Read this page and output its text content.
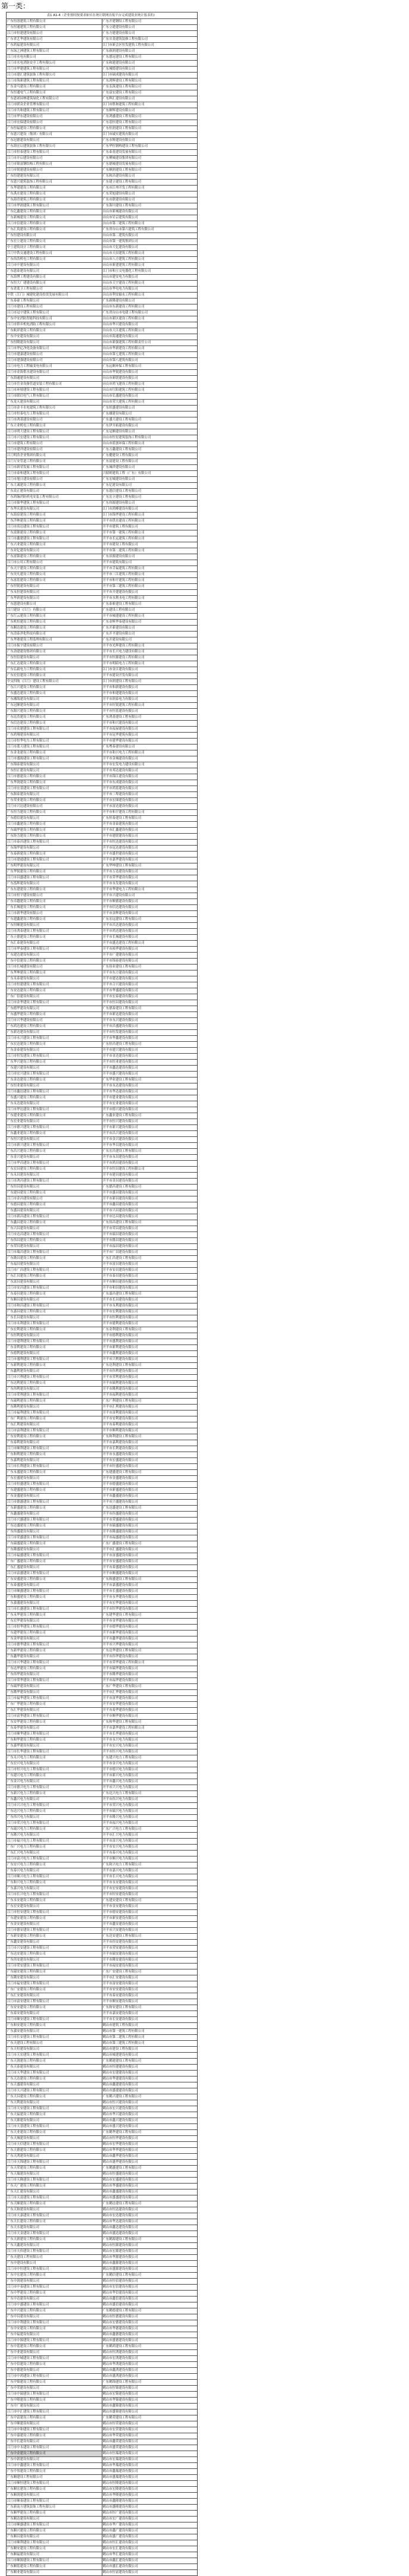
第一类：
表1 A1-4（企业按时按要求如实在统计联网直报平台完成建筑业统计报表的）	
广东恒溶建筑工程有限公司	广东开建钢结工程有限公司
广东恒通建筑工程有限公司	广东立建建设有限公司
江门市恒建建设有限公司	广东方建建设有限公司
广东省艺华建筑有限公司	广东实基建筑装修工程有限公司
广东鸿福建设有限公司	江门市新会区恒发建筑工程有限公司
广东绿之洲建筑工程有限公司	广东新润建设有限公司
江门市水电有限公司	广东恩冠建设工程有限公司
江门市水电消防安全工程有限公司	广东和建建设有限公司
江门市华建建筑工程有限公司	广东城德建设有限公司
江门市建汇建筑装饰工程有限公司	江门市硕成建设有限公司
江门市海新建筑工程有限公司	广东鸿辉建设工程有限公司
广东金马建设工程有限公司	广东弘筑建设工程有限公司
广东恒通电气工程有限公司	广东富宏建设工程有限公司
广东恩诺园林建筑绿化工程有限公司	广东辉汇建设有限公司
江门市联众企业管理有限公司	江门市胜和建筑工程有限公司
江门市共和建筑工程有限公司	广东顺辉建设有限公司
江门市华东建设有限公司	广东鸿盛建设工程有限公司
江门市宏保建设有限公司	广东基恒建设工程有限公司
广东恒福建设工程有限公司	广东恒润建设工程有限公司
广东恩兴建设（集团）有限公司	江门市诚实建筑有限公司
广东冠德建设有限公司	广东永辉建设有限公司
广东海宏启建筑装饰工程有限公司	广东华恒钢构建设工程有限公司
江门市恒泰建设工程有限公司	广东泰基建设发展有限公司
江门市开启建设有限公司	广东聚城建设集团有限公司
江门市锦富钢结构工程有限公司	广东德城建设发展有限公司
江门市锐建建设有限公司	广东顺润建设工程有限公司
广东恒建建设有限公司	广东和昌建设有限公司
广东恩兴建筑装饰工程有限公司	广东建立建设工程有限公司
广东华建建设工程有限公司	广东市江州开发工程有限公司
广东禹水建设工程有限公司	广东荣旭建设有限公司
广东海青建筑工程有限公司	广东市联建设有限公司
江门市华润建筑工程有限公司	广东海川建设工程有限公司
广东亿鑫建设工程有限公司	台山市新城建设有限公司
广东新城建设工程有限公司	台山市岩京建筑有限公司
江门市信建设工程有限公司	台山市第三建筑工程有限公司
广东汇筑建设工程有限公司	广东省台山市第六建筑工程有限公司
广东恒建设有限公司	台山市第二建筑有限公司
广东宏立建设工程有限公司	台山市第一建筑集团公司
中土建筑设计工程有限公司	台山市大亿建设有限公司
江门中铁交通建设工程有限公司	台山市天田建筑工程有限公司
广东伟浩机电工程有限公司	台山市八方建筑工程有限公司
江门市中建设有限公司	台山市新建建筑工程有限公司
广东恩泰建设有限公司	江门市和立交电器化工程有限公司
广东海博工程建设有限公司	台山市建安电力有限公司
广东恒大广建建设有限公司	台山市天宇建设工程有限公司
广东省蓝卫工程有限公司	台山市华电电力有限公司
中铁（江门）城建化建设投资发展有限公司	台山市利安输水工程有限公司
广东泰豪工程有限公司	广东新隆建设有限公司
江门市建设工程有限公司	台山市东新建设工程有限公司
江门市冠宇建筑工程有限公司	广东省台山市电建工程有限公司
广东中安消防智能科技有限公司	台山市新区建设工程有限公司
江门市侨乡机电消防工程有限公司	台山市华兴建设有限公司
广东航祥建设工程有限公司	台山市大江建筑工程有限公司
广东中安建设有限公司	台山市海通建设有限公司
广东恒隆建设有限公司	台山市新强建筑工程有限责任公司
江门市华亿净化设备有限公司	台山市华新建设工程有限公司
江门市建嘉建设有限公司	台山市第七建筑工程有限公司
江门市建强建设有限公司	台山市第八建筑有限公司
江门市电力工程输变电有限公司	广东远顺环保工程有限公司
江门市金海供水建设有限公司	台山市华锐建设有限公司
广东海通建设有限公司	台山市新联建设有限公司
江门市岳金设备管道安装工程有限公司	台山市鸿飞建设工程有限公司
江门市环境建设工程有限公司	台山市红阳建筑工程有限公司
江门市联信电气工程有限公司	台山市弘盛建设有限公司
广东龙天建设有限公司	台山市荣大建筑工程有限公司
江门市金丰水电建筑工程有限公司	广东恒盛建设有限公司
江门市恒泰电力工程有限公司	广东雄建设有限公司
江门市鸿基建设有限公司	广东盛大建设工程有限公司
广东立业机电工程有限公司	广东伊开拓建设有限公司
江门市明大建设工程有限公司	广东冠顺建设有限公司
江门市兴宏建设工程有限公司	台山市恒星建筑装饰工程有限公司
江门市建筑工程有限公司	台山市蓝创环保工程有限公司
江门市建祥建设有限公司	广东万鑫建设工程有限公司
江门明浩企业集团有限公司	广东健建设工程有限公司
江门万安管道工程有限公司	广东富建设工程有限公司
江门市新荣发展工程有限公司	广东城祥建设有限公司
江门市泰和建筑工程有限公司	兴昭则建筑工程（广东）有限公司
江门市旭日建设有限公司	广东宏城建设有限公司
广东大诚建设工程有限公司	广东亿建设有限公司
广东众正建设有限公司	广东恩信建设工程有限公司
广东鸿翰消防机电安装工程有限公司	广东宏立建设工程有限公司
江门市锦华建筑工程有限公司	广东伟源建设有限公司
广东华庆建设有限公司	江门市鸿峰建设有限公司
广东海泉建设工程有限公司	江门市锦华建设工程有限公司
广东洋林建设工程有限公司	开平市供水建设工程有限公司
江门市高达建设工程有限公司	开平市建筑工程有限公司
广东富源建设工程有限公司	开平市第一建筑工程有限公司
江门市鑫建建设工程有限公司	开平市长远建筑工程有限公司
广东兴业建设工程有限公司	开平市建设工程有限公司
广东业亿建设有限公司	开平市第二建筑工程有限公司
广东富锦建设工程有限公司	广东景源建设有限公司
江门市公用工程有限公司	开平市建筑有限公司
广东天宇建设工程有限公司	开平市幸福建筑工程有限公司
广东昊凡建设工程有限公司	开平市三江建筑工程有限公司
广东富基建设工程有限公司	开平市和平建筑工程有限公司
广东恒锐建设有限公司	开平市第三建筑工程有限公司
广东永恒建设有限公司	开平市开建建设有限公司
广东华新建设有限公司	开平市水利水电工程有限公司
广东恩建设有限公司	广东泰新建设工程有限公司
江门建设（江门）有限公司	广东建设工程有限公司
广东红云建设工程有限公司	开平市城建建设工程有限公司
广东机恒建设工程有限公司	广东金辉华泰建设有限公司
广东顺达建设工程有限公司	广东开新建设有限公司
广东清泰净化科技有限公司	广东开平建设有限公司
广东华港建设工程监理有限公司	广东开建设有限公司
江门市振宇建设有限公司	开平市光辉建设工程有限公司
广东劲建建设集团有限公司	开平市长兴电力建设有限公司
广东恒信建设有限公司	开平市恒源建设工程有限公司
广东汇达建设工程有限公司	开平市明昭电力工程有限公司
广东弘毅电力工程有限公司	江门市金江建设有限公司
广东宏信建设工程有限公司	开平市建设开发有限公司
中交四航（江门）建设工程有限公司	江门市润建设工程有限公司
广东江兴建设工程有限公司	开平市和新建设有限公司
广东盛达建设工程有限公司	开平市和建建设有限公司
广东湘海建设有限公司	开平市润泰电力有限公司
广东冠顺建设有限公司	开平市恒锐建筑工程有限公司
广东源兴建设工程有限公司	开平市恒基建设有限公司
广东昆浩建设工程有限公司	广东鸿基建设工程有限公司
广东信达建设工程有限公司	开平市和兴建设有限公司
江门市众建建设工程有限公司	开平市福禄建设有限公司
广东鸿翔建设有限公司	开平市冠华建筑有限公司
江门市恒华电力工程有限公司	开平市建华建设有限公司
江门市蓝天建设工程有限公司	广东粤泰建设有限公司
广东金龙建设工程有限公司	开平市和兴电力工程有限公司
江门市盛源建设工程有限公司	开平市金城建设有限公司
广东锦泰建设有限公司	开平市宏发电力建设有限公司
广东恒正建设有限公司	开平市邦达建设有限公司
江门市德建设工程有限公司	开平市锦江建设有限公司
广东华润建设工程有限公司	开平市东成建设有限公司
江门市宏基建设工程有限公司	开平市鸿基建设有限公司
广东源泰建设有限公司	开平市三埠建设有限公司
广东荣业建设工程有限公司	开平市宏图建设有限公司
江门市兴达建设有限公司	开平市富达建设有限公司
广东恒力建设工程有限公司	开平市和平建设工程有限公司
广东德信建设有限公司	广东恒泰建设工程有限公司
江门市鑫建设工程有限公司	开平市金泰建筑有限公司
广东瑞华建设工程有限公司	开平市汇鑫建设有限公司
广东协力建设工程有限公司	开平市建联建设有限公司
江门市泰昌建设工程有限公司	开平市恒达建设有限公司
广东锦华建设有限公司	开平市冠达建设有限公司
广东泰新建设工程有限公司	开平市盛世建设有限公司
江门市建通建设工程有限公司	开平市嘉华建设有限公司
广东明华建设有限公司	广东华坤建设工程有限公司
广东华锐建设工程有限公司	开平市万达建设有限公司
江门市昌盛建设工程有限公司	开平市荣华建设有限公司
广东泓辉建设有限公司	开平市永发建设有限公司
广东东建建设工程有限公司	开平市华建电力工程有限公司
江门市恒宇建设有限公司	开平市兴建设有限公司
广东卓越建设工程有限公司	开平市顺德建设有限公司
广东长城建设工程有限公司	开平市信达建设有限公司
江门市新华建设有限公司	开平市金辉建设有限公司
广东建鑫建设工程有限公司	广东宏远建设工程有限公司
广东恒顺建设有限公司	开平市昌达建设有限公司
江门市鸿泰建设工程有限公司	开平市鸿达建设有限公司
广东立德建设工程有限公司	开平市长城建设有限公司
广东汇泰建设有限公司	开平市盛达建设工程有限公司
江门市华泰建设工程有限公司	开平市裕华建设有限公司
广东建达建设有限公司	开平市广建建设有限公司
广东中信建设工程有限公司	开平市锦泰建设有限公司
江门市长城建设有限公司	广东伟业建设工程有限公司
广东华坤建设工程有限公司	开平市东方建设有限公司
广东永泰建设有限公司	开平市建达建设有限公司
江门市恒建建设工程有限公司	开平市合兴建设有限公司
广东安达建设工程有限公司	开平市华盛建设有限公司
广东广信建设有限公司	开平市宏泰建设有限公司
江门市金华建设工程有限公司	开平市恒昌建设有限公司
广东德华建设有限公司	广东德泰建设工程有限公司
广东盛华建设工程有限公司	开平市新达建设有限公司
江门市兴华建设有限公司	开平市永兴建设有限公司
广东鸿达建设工程有限公司	开平市昌盛建设有限公司
广东新达建设有限公司	开平市恒发建设有限公司
江门市永兴建设工程有限公司	开平市华鑫建设有限公司
广东宏达建设工程有限公司	广东恒昌建设工程有限公司
广东金泰建设有限公司	开平市建兴建设有限公司
江门市恒发建设工程有限公司	开平市金达建设有限公司
广东华兴建设工程有限公司	开平市恒业建设有限公司
广东建兴建设有限公司	开平市鑫达建设有限公司
江门市宏兴建设工程有限公司	开平市盛兴建设有限公司
广东金达建设工程有限公司	广东华业建设工程有限公司
广东恒业建设有限公司	开平市永达建设有限公司
江门市鑫达建设工程有限公司	开平市华达建设有限公司
广东盛兴建设工程有限公司	开平市建业建设有限公司
广东永达建设有限公司	开平市宏业建设有限公司
江门市华达建设工程有限公司	开平市德兴建设有限公司
广东建业建设工程有限公司	广东鑫业建设工程有限公司
广东宏业建设有限公司	开平市恒兴建设有限公司
江门市德兴建设工程有限公司	开平市新兴建设有限公司
广东鑫业建设工程有限公司	开平市昌兴建设有限公司
广东恒兴建设有限公司	开平市金兴建设有限公司
江门市新兴建设工程有限公司	开平市华昌建设有限公司
广东昌兴建设工程有限公司	广东宏昌建设工程有限公司
广东金兴建设有限公司	开平市永昌建设有限公司
江门市华昌建设工程有限公司	开平市鸿昌建设有限公司
广东宏昌建设工程有限公司	开平市恒昌建设工程有限公司
广东永昌建设有限公司	开平市建昌建设有限公司
江门市鸿昌建设工程有限公司	开平市金昌建设有限公司
广东恒昌建设有限公司	广东德昌建设工程有限公司
广东建昌建设工程有限公司	开平市盛昌建设有限公司
江门市金昌建设有限公司	开平市新昌建设有限公司
广东德昌建设工程有限公司	开平市鑫昌建设有限公司
广东盛昌建设有限公司	开平市兴昌建设有限公司
江门市新昌建设工程有限公司	开平市达昌建设有限公司
广东鑫昌建设工程有限公司	广东伟昌建设工程有限公司
广东兴昌建设有限公司	开平市荣昌建设有限公司
江门市达昌建设工程有限公司	开平市瑞昌建设有限公司
广东伟昌建设工程有限公司	开平市隆昌建设有限公司
广东荣昌建设有限公司	开平市福昌建设有限公司
江门市瑞昌建设工程有限公司	开平市广昌建设有限公司
广东隆昌建设工程有限公司	广东汇昌建设工程有限公司
广东福昌建设有限公司	开平市富昌建设有限公司
江门市广昌建设工程有限公司	开平市安昌建设有限公司
广东汇昌建设工程有限公司	开平市泰昌建设有限公司
广东富昌建设有限公司	开平市顺昌建设有限公司
江门市安昌建设工程有限公司	开平市和昌建设有限公司
广东泰昌建设工程有限公司	广东嘉昌建设工程有限公司
广东顺昌建设有限公司	开平市长昌建设有限公司
江门市和昌建设工程有限公司	开平市永利建设有限公司
广东嘉昌建设工程有限公司	开平市宏利建设有限公司
广东长昌建设有限公司	开平市恒利建设有限公司
江门市永利建设工程有限公司	开平市建利建设有限公司
广东宏利建设工程有限公司	广东金利建设工程有限公司
广东恒利建设有限公司	开平市德利建设有限公司
江门市建利建设工程有限公司	开平市盛利建设有限公司
广东金利建设工程有限公司	开平市新利建设有限公司
广东德利建设有限公司	开平市鑫利建设有限公司
江门市盛利建设工程有限公司	开平市兴利建设有限公司
广东新利建设工程有限公司	广东达利建设工程有限公司
广东鑫利建设有限公司	开平市伟利建设有限公司
江门市兴利建设工程有限公司	开平市荣利建设有限公司
广东达利建设工程有限公司	开平市瑞利建设有限公司
广东伟利建设有限公司	开平市隆利建设有限公司
江门市荣利建设工程有限公司	开平市福利建设有限公司
广东瑞利建设工程有限公司	广东广利建设工程有限公司
广东隆利建设有限公司	开平市汇利建设有限公司
江门市福利建设工程有限公司	开平市富利建设有限公司
广东广利建设工程有限公司	开平市安利建设有限公司
广东汇利建设有限公司	开平市泰利建设有限公司
江门市富利建设工程有限公司	开平市顺利建设有限公司
广东安利建设工程有限公司	广东和利建设工程有限公司
广东泰利建设有限公司	开平市嘉利建设有限公司
江门市顺利建设工程有限公司	开平市长利建设有限公司
广东和利建设工程有限公司	开平市永盛建设有限公司
广东嘉利建设有限公司	开平市宏盛建设有限公司
江门市长利建设工程有限公司	开平市恒盛建设有限公司
广东永盛建设工程有限公司	广东建盛建设工程有限公司
广东宏盛建设有限公司	开平市金盛建设有限公司
江门市恒盛建设工程有限公司	开平市德盛建设有限公司
广东建盛建设工程有限公司	开平市新盛建设有限公司
广东金盛建设有限公司	开平市鑫盛建设有限公司
江门市德盛建设工程有限公司	开平市兴盛建设有限公司
广东新盛建设工程有限公司	广东达盛建设工程有限公司
广东鑫盛建设有限公司	开平市伟盛建设有限公司
江门市兴盛建设工程有限公司	开平市荣盛建设有限公司
广东达盛建设工程有限公司	开平市瑞盛建设有限公司
广东伟盛建设有限公司	开平市隆盛建设有限公司
江门市荣盛建设工程有限公司	开平市福盛建设有限公司
广东瑞盛建设工程有限公司	广东广盛建设工程有限公司
广东隆盛建设有限公司	开平市汇盛建设有限公司
江门市福盛建设工程有限公司	开平市富盛建设有限公司
广东广盛建设工程有限公司	开平市安盛建设有限公司
广东汇盛建设有限公司	开平市泰盛建设有限公司
江门市富盛建设工程有限公司	开平市顺盛建设有限公司
广东安盛建设工程有限公司	广东和盛建设工程有限公司
广东泰盛建设有限公司	开平市嘉盛建设有限公司
江门市顺盛建设工程有限公司	开平市长盛建设有限公司
广东和盛建设工程有限公司	开平市永华建设有限公司
广东嘉盛建设有限公司	开平市宏华建设有限公司
江门市长盛建设工程有限公司	开平市恒华建设有限公司
广东永华建设工程有限公司	广东建华建设工程有限公司
广东宏华建设有限公司	开平市金华建设有限公司
江门市恒华建设工程有限公司	开平市德华建设有限公司
广东建华建设工程有限公司	开平市新华建设有限公司
广东金华建设有限公司	开平市鑫华建设有限公司
江门市德华建设工程有限公司	开平市兴华建设有限公司
广东新华建设工程有限公司	广东达华建设工程有限公司
广东鑫华建设有限公司	开平市伟华建设有限公司
江门市兴华建设工程有限公司	开平市荣华建设工程有限公司
广东达华建设工程有限公司	开平市瑞华建设有限公司
广东伟华建设有限公司	开平市隆华建设有限公司
江门市荣华建设工程有限公司	开平市福华建设有限公司
广东瑞华建设有限公司	广东广华建设工程有限公司
广东隆华建设有限公司	开平市汇华建设有限公司
江门市福华建设工程有限公司	开平市富华建设有限公司
广东广华建设工程有限公司	开平市安华建设有限公司
广东汇华建设有限公司	开平市泰华建设有限公司
江门市富华建设工程有限公司	开平市顺华建设有限公司
广东安华建设工程有限公司	广东和华建设工程有限公司
广东泰华建设有限公司	开平市嘉华建设工程有限公司
江门市顺华建设工程有限公司	开平市长华建设有限公司
广东和华建设工程有限公司	开平市永兴电力有限公司
广东嘉华建设有限公司	开平市宏兴电力有限公司
江门市长华建设工程有限公司	开平市恒兴电力有限公司
广东永兴电力工程有限公司	广东建兴电力工程有限公司
广东宏兴电力有限公司	开平市金兴电力有限公司
江门市恒兴电力工程有限公司	开平市德兴电力有限公司
广东建兴电力工程有限公司	开平市新兴电力有限公司
广东金兴电力有限公司	开平市鑫兴电力有限公司
江门市德兴电力工程有限公司	开平市兴兴电力有限公司
广东新兴电力工程有限公司	广东达兴电力工程有限公司
广东鑫兴电力有限公司	开平市伟兴电力有限公司
江门市兴兴电力工程有限公司	开平市荣兴电力有限公司
广东达兴电力工程有限公司	开平市瑞兴电力有限公司
广东伟兴电力有限公司	开平市隆兴电力有限公司
江门市荣兴电力工程有限公司	开平市福兴电力有限公司
广东瑞兴电力工程有限公司	广东广兴电力工程有限公司
广东隆兴电力有限公司	开平市汇兴电力有限公司
江门市福兴电力工程有限公司	开平市富兴电力有限公司
广东广兴电力工程有限公司	开平市安兴电力有限公司
广东汇兴电力有限公司	开平市泰兴电力有限公司
江门市富兴电力工程有限公司	开平市顺兴电力有限公司
广东安兴电力工程有限公司	广东和兴电力工程有限公司
广东泰兴电力有限公司	开平市嘉兴电力有限公司
江门市顺兴电力工程有限公司	开平市长兴电力有限公司
广东和兴电力工程有限公司	开平市永安建设有限公司
广东嘉兴电力有限公司	开平市宏安建设有限公司
江门市长兴电力工程有限公司	开平市恒安建设有限公司
广东永安建设工程有限公司	广东建安建设工程有限公司
广东宏安建设有限公司	开平市金安建设有限公司
江门市恒安建设工程有限公司	开平市德安建设有限公司
广东建安建设工程有限公司	开平市新安建设有限公司
广东金安建设有限公司	开平市鑫安建设有限公司
江门市德安建设工程有限公司	开平市兴安建设有限公司
广东新安建设工程有限公司	广东达安建设工程有限公司
广东鑫安建设有限公司	开平市伟安建设有限公司
江门市兴安建设工程有限公司	开平市荣安建设有限公司
广东达安建设工程有限公司	开平市瑞安建设有限公司
广东伟安建设有限公司	开平市隆安建设有限公司
江门市荣安建设工程有限公司	开平市福安建设有限公司
广东瑞安建设工程有限公司	广东广安建设工程有限公司
广东隆安建设有限公司	开平市汇安建设有限公司
江门市福安建设工程有限公司	开平市富安建设有限公司
广东广安建设工程有限公司	开平市安安建设有限公司
广东汇安建设有限公司	开平市泰安建设有限公司
江门市富安建设工程有限公司	开平市顺安建设有限公司
广东安安建设工程有限公司	广东和安建设工程有限公司
广东泰安建设有限公司	开平市嘉安建设有限公司
江门市顺安建设工程有限公司	开平市长安建设有限公司
广东和安建设工程有限公司	鹤山市建筑工程有限公司
广东嘉安建设有限公司	鹤山市第一建筑工程有限公司
江门市长安建设工程有限公司	鹤山市第二建筑工程有限公司
广东天建设工程有限公司	鹤山市第三建筑工程有限公司
广东天恒建设有限公司	鹤山市建设工程有限公司
江门市天宏建设工程有限公司	鹤山市城建建设有限公司
广东天润建设工程有限公司	广东鹤建建设工程有限公司
广东天泰建设有限公司	鹤山市恒建建设有限公司
江门市天华建设工程有限公司	鹤山市宏建建设有限公司
广东天达建设工程有限公司	鹤山市华建建设有限公司
广东天盛建设有限公司	鹤山市鑫建建设有限公司
江门市天兴建设工程有限公司	鹤山市盛建建设有限公司
广东天昌建设工程有限公司	广东鹤兴建设工程有限公司
广东天利建设有限公司	鹤山市恒兴建设有限公司
江门市天安建设工程有限公司	鹤山市宏兴建设有限公司
广东天福建设工程有限公司	鹤山市华兴建设有限公司
广东天源建设有限公司	鹤山市鑫兴建设有限公司
江门市天基建设工程有限公司	鹤山市盛兴建设有限公司
广东天业建设工程有限公司	广东鹤华建设工程有限公司
广东天城建设有限公司	鹤山市恒华建设有限公司
江门市天信建设工程有限公司	鹤山市宏华建设有限公司
广东天德建设工程有限公司	鹤山市华华建设有限公司
广东天鸿建设有限公司	鹤山市鑫华建设有限公司
江门市天锦建设工程有限公司	鹤山市盛华建设有限公司
广东天荣建设工程有限公司	广东鹤盛建设工程有限公司
广东天瑞建设有限公司	鹤山市恒盛建设有限公司
江门市天隆建设工程有限公司	鹤山市宏盛建设有限公司
广东天广建设工程有限公司	鹤山市华盛建设有限公司
广东天汇建设有限公司	鹤山市鑫盛建设有限公司
江门市天富建设工程有限公司	鹤山市盛盛建设有限公司
广东天顺建设工程有限公司	广东鹤达建设工程有限公司
广东天和建设有限公司	鹤山市恒达建设有限公司
江门市天嘉建设工程有限公司	鹤山市宏达建设有限公司
广东天长建设工程有限公司	鹤山市华达建设有限公司
广东天永建设有限公司	鹤山市鑫达建设有限公司
江门市天金建设工程有限公司	鹤山市盛达建设有限公司
广东天新建设工程有限公司	广东鹤源建设工程有限公司
广东天鑫建设有限公司	鹤山市恒源建设有限公司
江门市天伟建设工程有限公司	鹤山市宏源建设有限公司
广东天建设工程有限公司	鹤山市华源建设有限公司
广东中建设有限公司	鹤山市鑫源建设有限公司
江门市中恒建设工程有限公司	鹤山市盛源建设有限公司
广东中宏建设工程有限公司	广东鹤信建设工程有限公司
广东中润建设有限公司	鹤山市恒信建设有限公司
江门市中泰建设工程有限公司	鹤山市宏信建设有限公司
广东中华建设工程有限公司	鹤山市华信建设有限公司
广东中达建设有限公司	鹤山市鑫信建设有限公司
江门市中盛建设工程有限公司	鹤山市盛信建设有限公司
广东中兴建设工程有限公司	广东鹤德建设工程有限公司
广东中昌建设有限公司	鹤山市恒德建设有限公司
江门市中利建设工程有限公司	鹤山市宏德建设有限公司
广东中安建设工程有限公司	鹤山市华德建设有限公司
广东中福建设有限公司	鹤山市鑫德建设有限公司
江门市中源建设工程有限公司	鹤山市盛德建设有限公司
广东中基建设工程有限公司	广东鹤鸿建设工程有限公司
广东中业建设有限公司	鹤山市恒鸿建设有限公司
江门市中城建设工程有限公司	鹤山市宏鸿建设有限公司
广东中信建设工程有限公司	鹤山市华鸿建设有限公司
广东中德建设有限公司	鹤山市鑫鸿建设有限公司
江门市中鸿建设工程有限公司	鹤山市盛鸿建设有限公司
广东中锦建设工程有限公司	广东鹤锦建设工程有限公司
广东中荣建设有限公司	鹤山市恒锦建设有限公司
江门市中瑞建设工程有限公司	鹤山市宏锦建设有限公司
广东中隆建设工程有限公司	鹤山市华锦建设有限公司
广东中广建设有限公司	鹤山市鑫锦建设有限公司
江门市中汇建设工程有限公司	鹤山市盛锦建设有限公司
广东中富建设工程有限公司	广东鹤荣建设工程有限公司
广东中顺建设有限公司	鹤山市恒荣建设有限公司
江门市中和建设工程有限公司	鹤山市宏荣建设有限公司
广东中嘉建设工程有限公司	鹤山市华荣建设有限公司
广东中长建设有限公司	鹤山市鑫荣建设有限公司
江门市中永建设工程有限公司	鹤山市盛荣建设有限公司
广东中金建设工程有限公司	鹤山市恒瑞建设有限公司
广东中新建设有限公司	鹤山市宏瑞建设有限公司
江门市中鑫建设工程有限公司	鹤山市华瑞建设有限公司
广东中伟建设工程有限公司	鹤山市鑫瑞建设有限公司
广东顺建设工程有限公司	鹤山市盛瑞建设有限公司
江门市顺恒建设工程有限公司	鹤山市恒隆建设有限公司
广东顺宏建设工程有限公司	鹤山市宏隆建设有限公司
广东顺润建设有限公司	鹤山市华隆建设有限公司
江门市顺泰建设工程有限公司	鹤山市鑫隆建设有限公司
广东新南方建筑装饰工程有限公司	鹤山市盛隆建设有限公司
广东顺华建设工程有限公司	鹤山市恒广建设有限公司
广东顺达建设有限公司	鹤山市宏广建设有限公司
江门市顺盛建设工程有限公司	鹤山市华广建设有限公司
广东顺兴建设工程有限公司	鹤山市鑫广建设有限公司
广东顺昌建设有限公司	鹤山市盛广建设有限公司
江门市顺利建设工程有限公司	鹤山市恒汇建设有限公司
广东顺安建设工程有限公司	鹤山市宏汇建设有限公司
广东顺福建设有限公司	鹤山市华汇建设有限公司
江门市顺源建设工程有限公司	鹤山市鑫汇建设有限公司
广东顺基建设工程有限公司	鹤山市盛汇建设有限公司
广东顺业建设有限公司	鹤山市恒富建设有限公司
